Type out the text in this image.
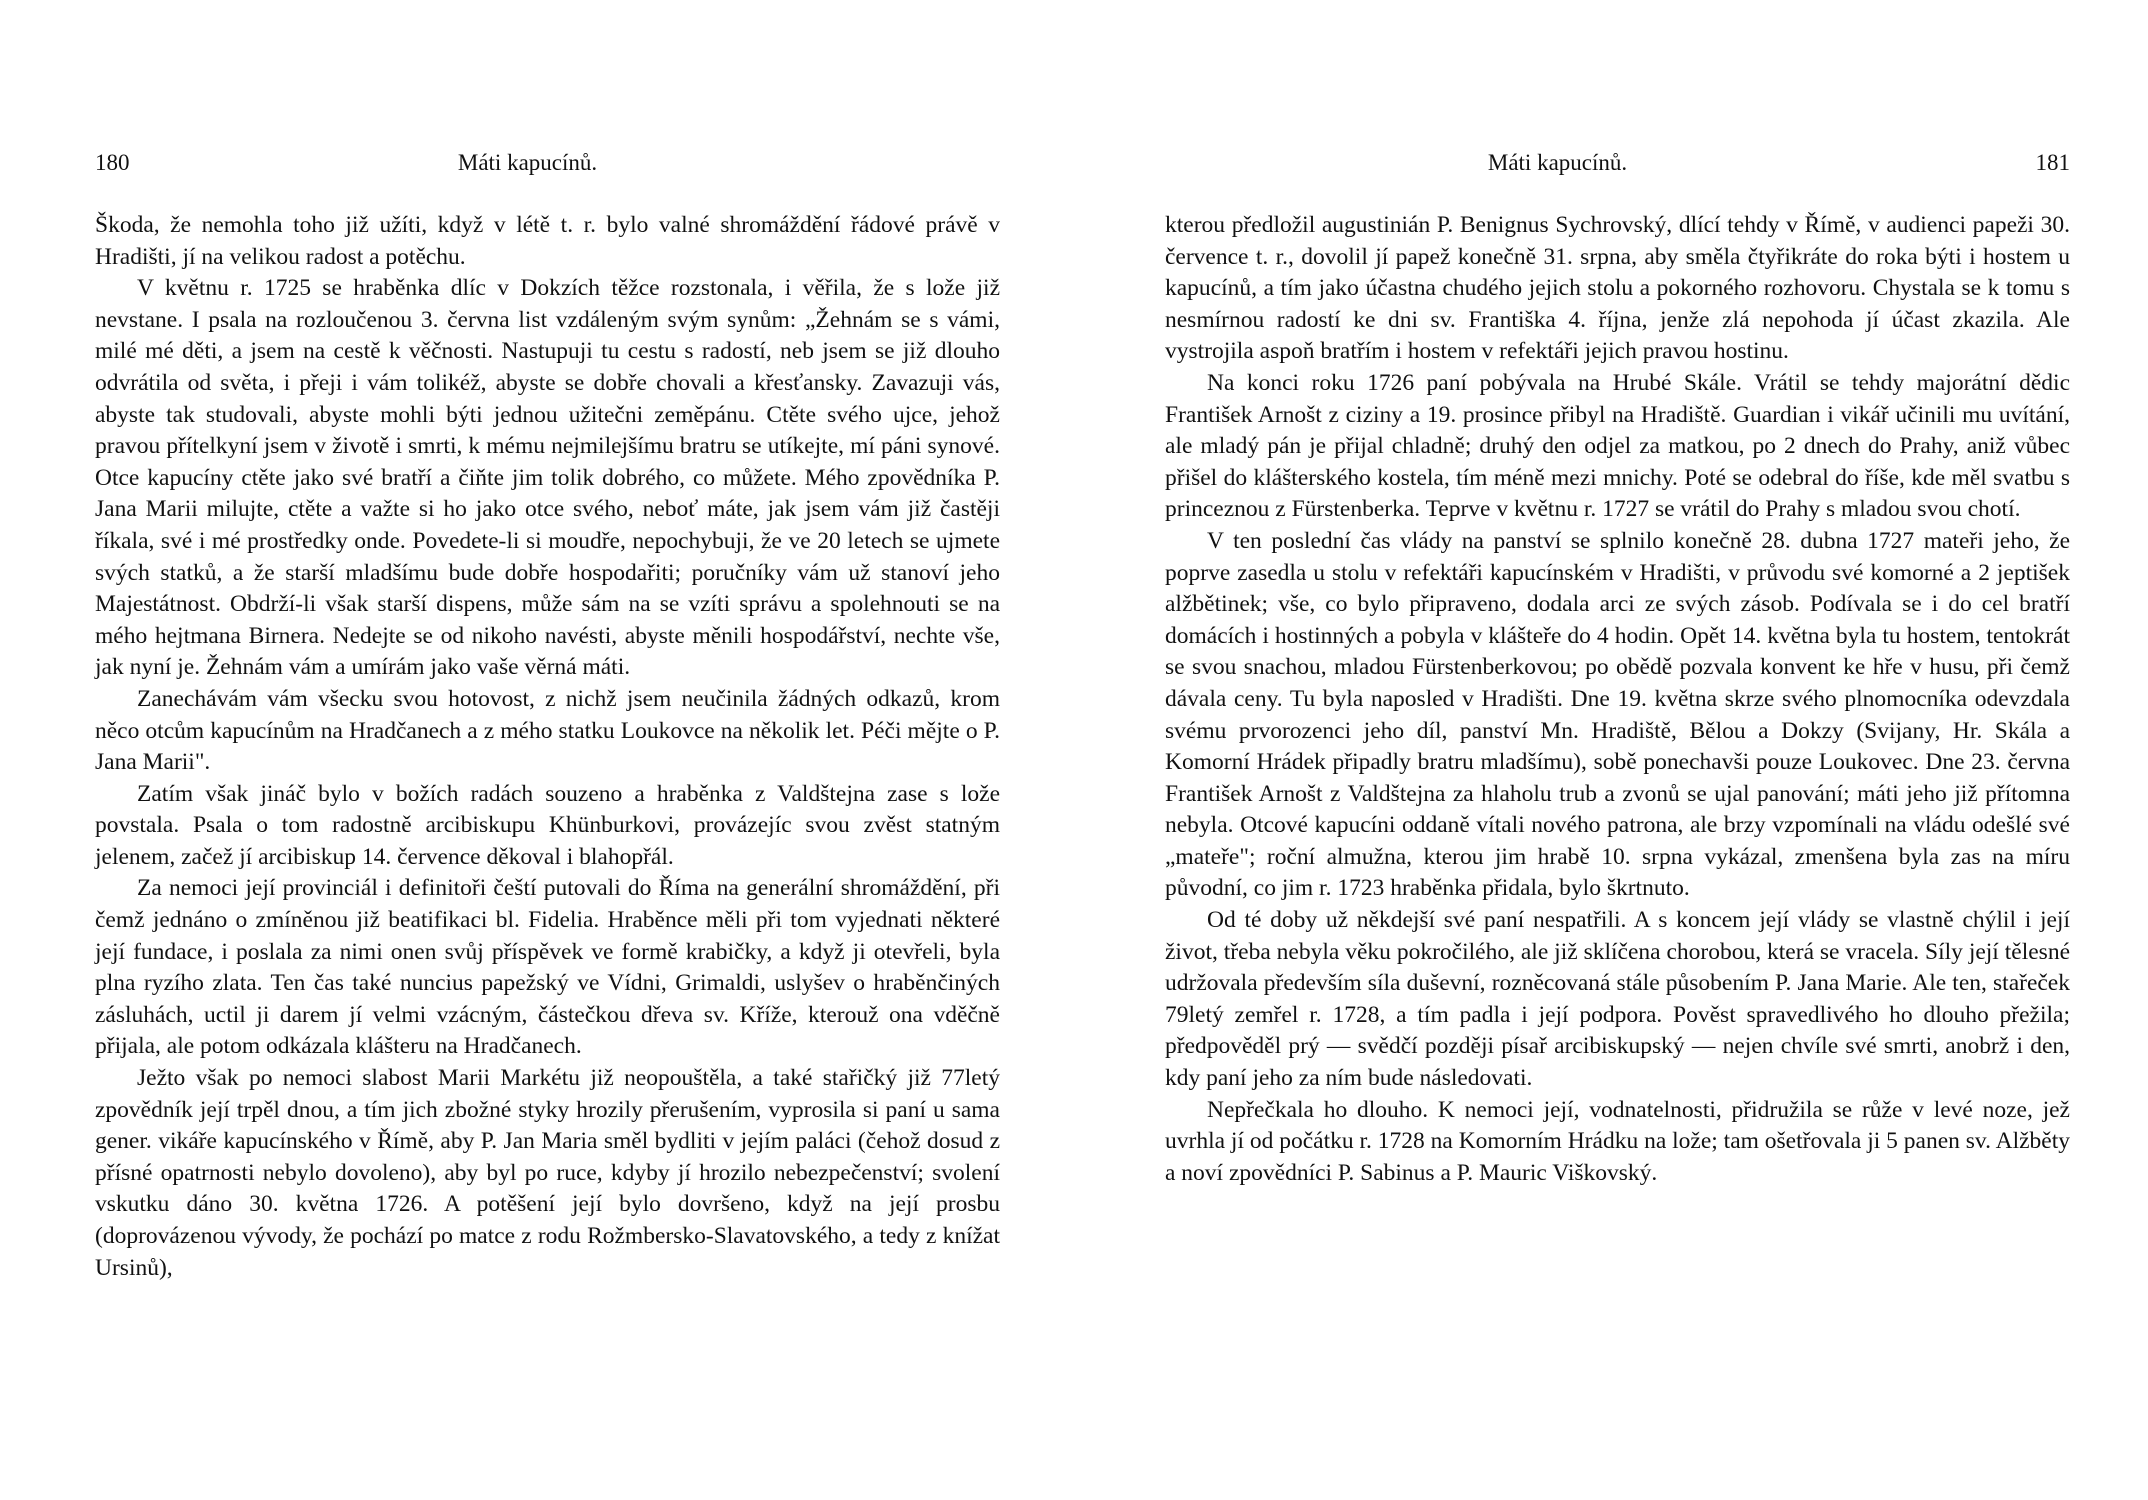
180	Máti kapucínů.

Škoda, že nemohla toho již užíti, když v létě t. r. bylo valné shromáždění řádové právě v Hradišti, jí na velikou radost a potěchu.

V květnu r. 1725 se hraběnka dlíc v Dokzích těžce rozstonala, i věřila, že s lože již nevstane. I psala na rozloučenou 3. června list vzdáleným svým synům: „Žehnám se s vámi, milé mé děti, a jsem na cestě k věčnosti. Nastupuji tu cestu s radostí, neb jsem se již dlouho odvrátila od světa, i přeji i vám tolikéž, abyste se dobře chovali a křesťansky. Zavazuji vás, abyste tak studovali, abyste mohli býti jednou užitečni zeměpánu. Ctěte svého ujce, jehož pravou přítelkyní jsem v životě i smrti, k mému nejmilejšímu bratru se utíkejte, mí páni synové. Otce kapucíny ctěte jako své bratří a čiňte jim tolik dobrého, co můžete. Mého zpovědníka P. Jana Marii milujte, ctěte a važte si ho jako otce svého, neboť máte, jak jsem vám již častěji říkala, své i mé prostředky onde. Povedete-li si moudře, nepochybuji, že ve 20 letech se ujmete svých statků, a že starší mladšímu bude dobře hospodařiti; poručníky vám už stanoví jeho Majestátnost. Obdrží-li však starší dispens, může sám na se vzíti správu a spolehnouti se na mého hejtmana Birnera. Nedejte se od nikoho navésti, abyste měnili hospodářství, nechte vše, jak nyní je. Žehnám vám a umírám jako vaše věrná máti.

Zanechávám vám všecku svou hotovost, z nichž jsem neučinila žádných odkazů, krom něco otcům kapucínům na Hradčanech a z mého statku Loukovce na několik let. Péči mějte o P. Jana Marii".

Zatím však jináč bylo v božích radách souzeno a hraběnka z Valdštejna zase s lože povstala. Psala o tom radostně arcibiskupu Khünburkovi, provázejíc svou zvěst statným jelenem, začež jí arcibiskup 14. července děkoval i blahopřál.

Za nemoci její provinciál i definitoři čeští putovali do Říma na generální shromáždění, při čemž jednáno o zmíněnou již beatifikaci bl. Fidelia. Hraběnce měli při tom vyjednati některé její fundace, i poslala za nimi onen svůj příspěvek ve formě krabičky, a když ji otevřeli, byla plna ryzího zlata. Ten čas také nuncius papežský ve Vídni, Grimaldi, uslyšev o hraběnčiných zásluhách, uctil ji darem jí velmi vzácným, částečkou dřeva sv. Kříže, kterouž ona vděčně přijala, ale potom odkázala klášteru na Hradčanech.

Ježto však po nemoci slabost Marii Markétu již neopouštěla, a také stařičký již 77letý zpovědník její trpěl dnou, a tím jich zbožné styky hrozily přerušením, vyprosila si paní u sama gener. vikáře kapucínského v Římě, aby P. Jan Maria směl bydliti v jejím paláci (čehož dosud z přísné opatrnosti nebylo dovoleno), aby byl po ruce, kdyby jí hrozilo nebezpečenství; svolení vskutku dáno 30. května 1726. A potěšení její bylo dovršeno, když na její prosbu (doprovázenou vývody, že pochází po matce z rodu Rožmbersko-Slavatovského, a tedy z knížat Ursinů),

Máti kapucínů.	181

kterou předložil augustinián P. Benignus Sychrovský, dlící tehdy v Římě, v audienci papeži 30. července t. r., dovolil jí papež konečně 31. srpna, aby směla čtyřikráte do roka býti i hostem u kapucínů, a tím jako účastna chudého jejich stolu a pokorného rozhovoru. Chystala se k tomu s nesmírnou radostí ke dni sv. Františka 4. října, jenže zlá nepohoda jí účast zkazila. Ale vystrojila aspoň bratřím i hostem v refektáři jejich pravou hostinu.

Na konci roku 1726 paní pobývala na Hrubé Skále. Vrátil se tehdy majorátní dědic František Arnošt z ciziny a 19. prosince přibyl na Hradiště. Guardian i vikář učinili mu uvítání, ale mladý pán je přijal chladně; druhý den odjel za matkou, po 2 dnech do Prahy, aniž vůbec přišel do klášterského kostela, tím méně mezi mnichy. Poté se odebral do říše, kde měl svatbu s princeznou z Fürstenberka. Teprve v květnu r. 1727 se vrátil do Prahy s mladou svou chotí.

V ten poslední čas vlády na panství se splnilo konečně 28. dubna 1727 mateři jeho, že poprve zasedla u stolu v refektáři kapucínském v Hradišti, v průvodu své komorné a 2 jeptišek alžbětinek; vše, co bylo připraveno, dodala arci ze svých zásob. Podívala se i do cel bratří domácích i hostinných a pobyla v klášteře do 4 hodin. Opět 14. května byla tu hostem, tentokrát se svou snachou, mladou Fürstenberkovou; po obědě pozvala konvent ke hře v husu, při čemž dávala ceny. Tu byla naposled v Hradišti. Dne 19. května skrze svého plnomocníka odevzdala svému prvorozenci jeho díl, panství Mn. Hradiště, Bělou a Dokzy (Svijany, Hr. Skála a Komorní Hrádek připadly bratru mladšímu), sobě ponechavši pouze Loukovec. Dne 23. června František Arnošt z Valdštejna za hlaholu trub a zvonů se ujal panování; máti jeho již přítomna nebyla. Otcové kapucíni oddaně vítali nového patrona, ale brzy vzpomínali na vládu odešlé své „mateře"; roční almužna, kterou jim hrabě 10. srpna vykázal, zmenšena byla zas na míru původní, co jim r. 1723 hraběnka přidala, bylo škrtnuto.

Od té doby už někdejší své paní nespatřili. A s koncem její vlády se vlastně chýlil i její život, třeba nebyla věku pokročilého, ale již sklíčena chorobou, která se vracela. Síly její tělesné udržovala především síla duševní, rozněcovaná stále působením P. Jana Marie. Ale ten, stařeček 79letý zemřel r. 1728, a tím padla i její podpora. Pověst spravedlivého ho dlouho přežila; předpověděl prý — svědčí později písař arcibiskupský — nejen chvíle své smrti, anobrž i den, kdy paní jeho za ním bude následovati.

Nepřečkala ho dlouho. K nemoci její, vodnatelnosti, přidružila se růže v levé noze, jež uvrhla jí od počátku r. 1728 na Komorním Hrádku na lože; tam ošetřovala ji 5 panen sv. Alžběty a noví zpovědníci P. Sabinus a P. Mauric Viškovský.
